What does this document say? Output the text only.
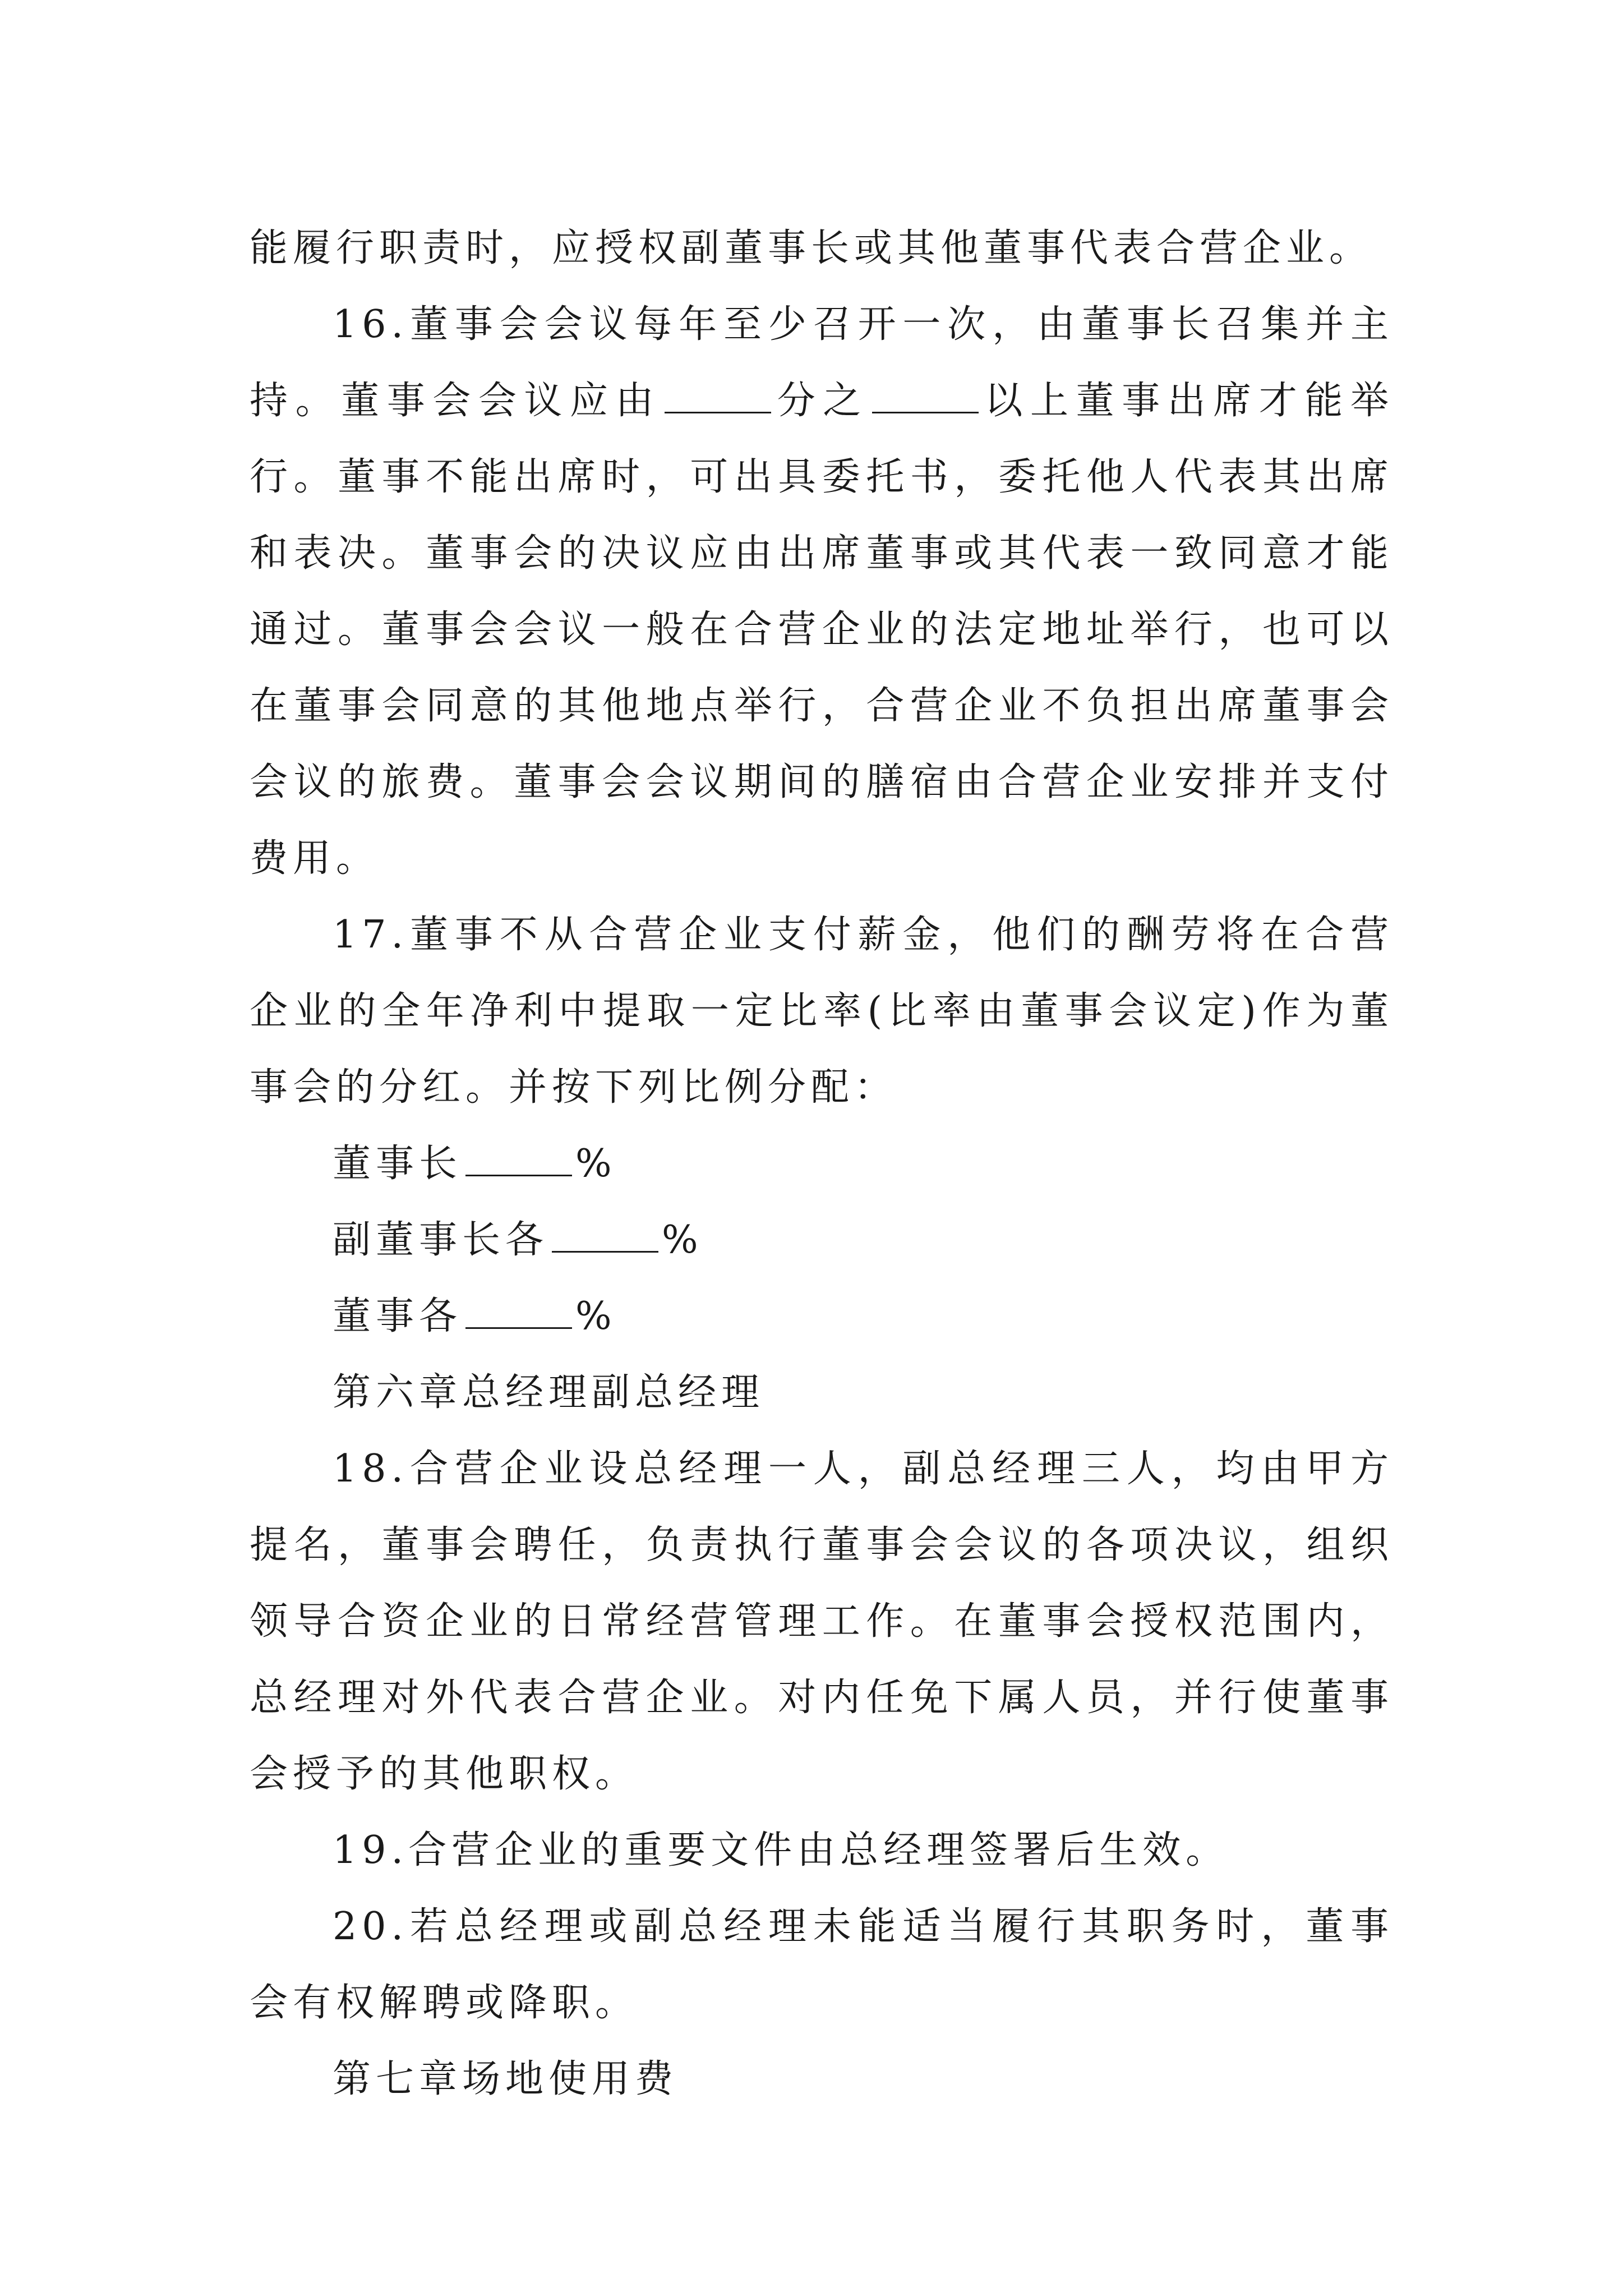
能履行职责时，应授权副董事长或其他董事代表合营企业。

16.董事会会议每年至少召开一次，由董事长召集并主持。董事会会议应由	分之	以上董事出席才能举行。董事不能出席时，可出具委托书，委托他人代表其出席和表决。董事会的决议应由出席董事或其代表一致同意才能通过。董事会会议一般在合营企业的法定地址举行，也可以在董事会同意的其他地点举行，合营企业不负担出席董事会会议的旅费。董事会会议期间的膳宿由合营企业安排并支付费用。

17.董事不从合营企业支付薪金，他们的酬劳将在合营企业的全年净利中提取一定比率(比率由董事会议定)作为董事会的分红。并按下列比例分配：

董事长	%

副董事长各	%

董事各	%

第六章总经理副总经理

18.合营企业设总经理一人，副总经理三人，均由甲方提名，董事会聘任，负责执行董事会会议的各项决议，组织领导合资企业的日常经营管理工作。在董事会授权范围内，总经理对外代表合营企业。对内任免下属人员，并行使董事会授予的其他职权。

19.合营企业的重要文件由总经理签署后生效。

20.若总经理或副总经理未能适当履行其职务时，董事会有权解聘或降职。

第七章场地使用费
